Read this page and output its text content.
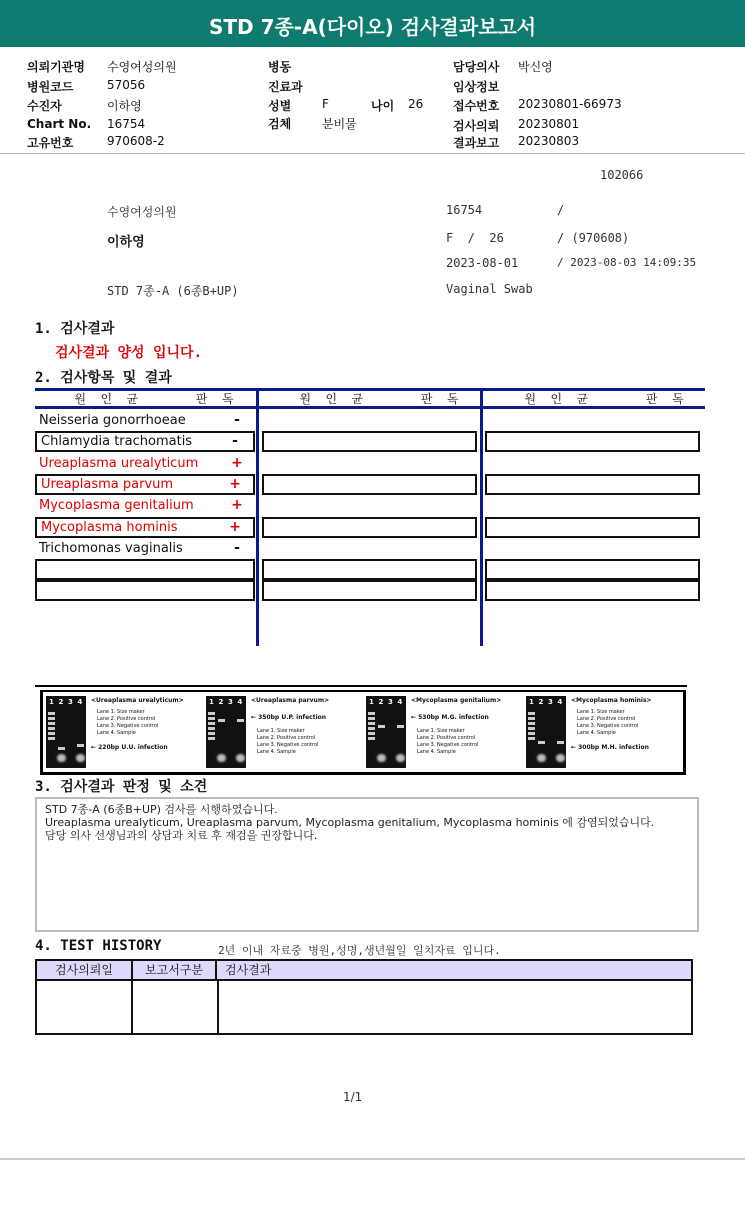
STD 7종-A(다이오) 검사결과보고서
의뢰기관명 수영여성의원
병원코드	57056
수진자	이하영
Chart No. 16754
고유번호	970608-2
병동
진료과
성별	F	나이 26
검체	분비물
담당의사 박신영
임상정보
접수번호 20230801-66973
검사의뢰 20230801
결과보고 20230803
102066
수영여성의원	16754	/
이하영	F  /  26	/ (970608)
2023-08-01	/ 2023-08-03 14:09:35
STD 7종-A (6종B+UP)	Vaginal Swab
1. 검사결과
검사결과 양성 입니다.
2. 검사항목 및 결과
원  인  균        판  독	원  인  균        판  독	원  인  균        판  독
Neisseria gonorrhoeae	-
Chlamydia trachomatis	-
Ureaplasma urealyticum +
Ureaplasma parvum	+
Mycoplasma genitalium	+
Mycoplasma hominis	+
Trichomonas vaginalis	-
1 2 3 4 <Ureaplasma urealyticum>
Lane 1. Size maker
Lane 2. Positive control
Lane 3. Negative control
Lane 4. Sample
← 220bp U.U. infection
1 2 3 4 <Ureaplasma parvum>
Lane 1. Size maker
Lane 2. Positive control
Lane 3. Negative control
Lane 4. Sample
← 350bp U.P. infection
1 2 3 4 <Mycoplasma genitalium>
Lane 1. Size maker
Lane 2. Positive control
Lane 3. Negative control
Lane 4. Sample
← 530bp M.G. infection
1 2 3 4 <Mycoplasma hominis>
Lane 1. Size maker
Lane 2. Positive control
Lane 3. Negative control
Lane 4. Sample
← 300bp M.H. infection
3. 검사결과 판정 및 소견
STD 7종-A (6종B+UP) 검사를 시행하였습니다.
Ureaplasma urealyticum, Ureaplasma parvum, Mycoplasma genitalium, Mycoplasma hominis 에 감염되었습니다.
담당 의사 선생님과의 상담과 치료 후 재검을 권장합니다.
4. TEST HISTORY	2년 이내 자료중 병원,성명,생년월일 일치자료 입니다.
검사의뢰일	보고서구분	검사결과
1/1
